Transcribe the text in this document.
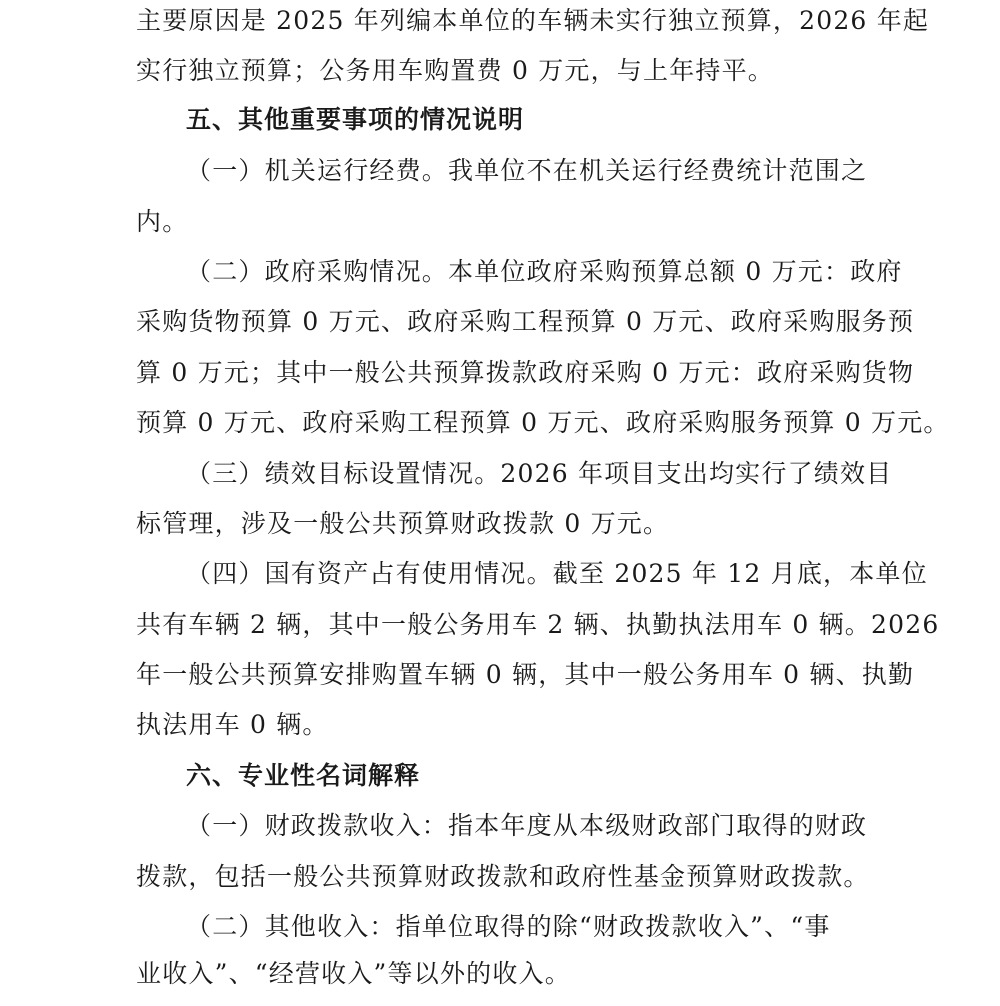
主要原因是 2025 年列编本单位的车辆未实行独立预算，2026 年起
实行独立预算；公务用车购置费 0 万元，与上年持平。
五、其他重要事项的情况说明
（一）机关运行经费。我单位不在机关运行经费统计范围之
内。
（二）政府采购情况。本单位政府采购预算总额 0 万元：政府
采购货物预算 0 万元、政府采购工程预算 0 万元、政府采购服务预
算 0 万元；其中一般公共预算拨款政府采购 0 万元：政府采购货物
预算 0 万元、政府采购工程预算 0 万元、政府采购服务预算 0 万元。
（三）绩效目标设置情况。2026 年项目支出均实行了绩效目
标管理，涉及一般公共预算财政拨款 0 万元。
（四）国有资产占有使用情况。截至 2025 年 12 月底，本单位
共有车辆 2 辆，其中一般公务用车 2 辆、执勤执法用车 0 辆。2026
年一般公共预算安排购置车辆 0 辆，其中一般公务用车 0 辆、执勤
执法用车 0 辆。
六、专业性名词解释
（一）财政拨款收入：指本年度从本级财政部门取得的财政
拨款，包括一般公共预算财政拨款和政府性基金预算财政拨款。
（二）其他收入：指单位取得的除“财政拨款收入”、“事
业收入”、“经营收入”等以外的收入。
